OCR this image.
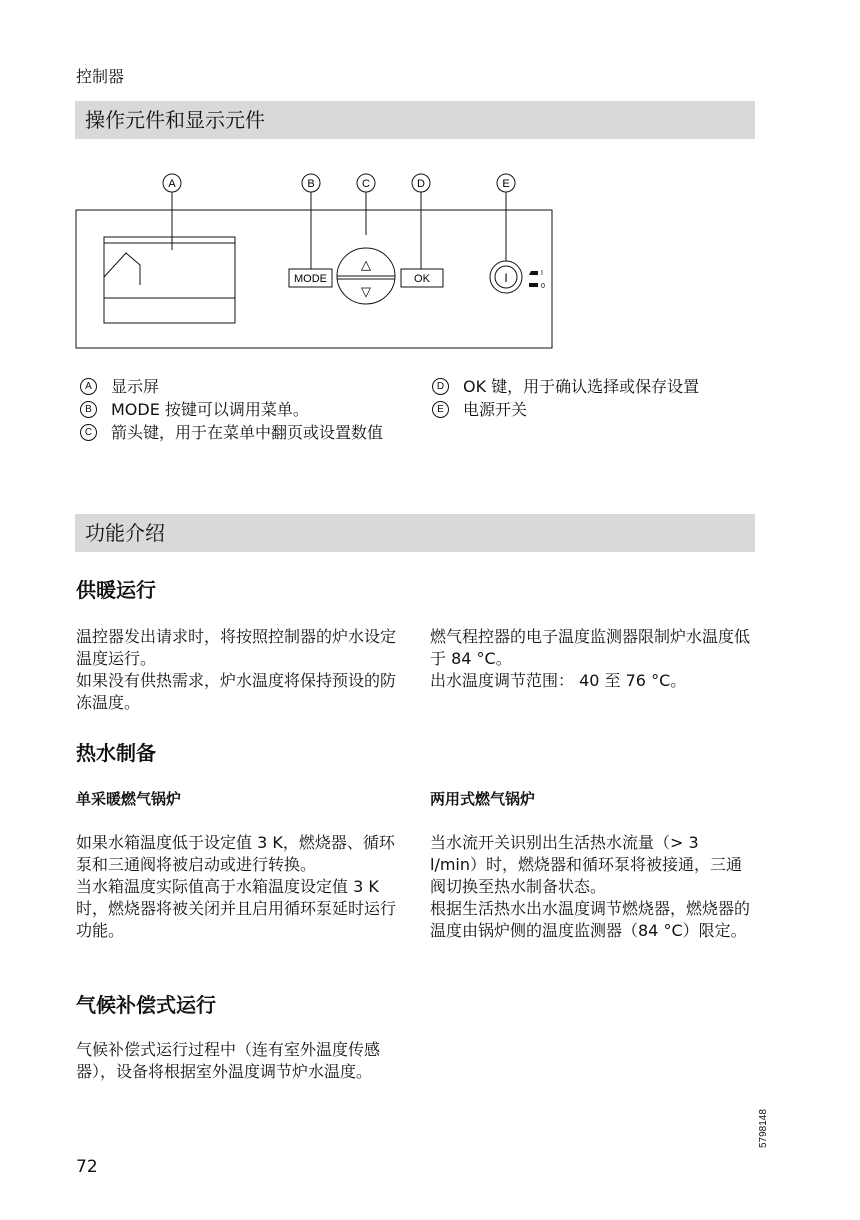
控制器
操作元件和显示元件
A	B	C	D	E
MODE
△
▽
OK	I	I
0
A	显示屏
B	MODE 按键可以调用菜单。
C	箭头键，用于在菜单中翻页或设置数值
D	OK 键，用于确认选择或保存设置
E	电源开关
功能介绍
供暖运行

温控器发出请求时，将按照控制器的炉水设定温度运行。

如果没有供热需求，炉水温度将保持预设的防冻温度。

燃气程控器的电子温度监测器限制炉水温度低于 84 °C。

出水温度调节范围： 40 至 76 °C。

热水制备
单采暖燃气锅炉	两用式燃气锅炉

如果水箱温度低于设定值 3 K，燃烧器、循环泵和三通阀将被启动或进行转换。

当水箱温度实际值高于水箱温度设定值 3 K 时，燃烧器将被关闭并且启用循环泵延时运行功能。

当水流开关识别出生活热水流量（> 3 l/min）时，燃烧器和循环泵将被接通，三通阀切换至热水制备状态。

根据生活热水出水温度调节燃烧器，燃烧器的温度由锅炉侧的温度监测器（84 °C）限定。

气候补偿式运行

气候补偿式运行过程中（连有室外温度传感器），设备将根据室外温度调节炉水温度。

72
5798148
